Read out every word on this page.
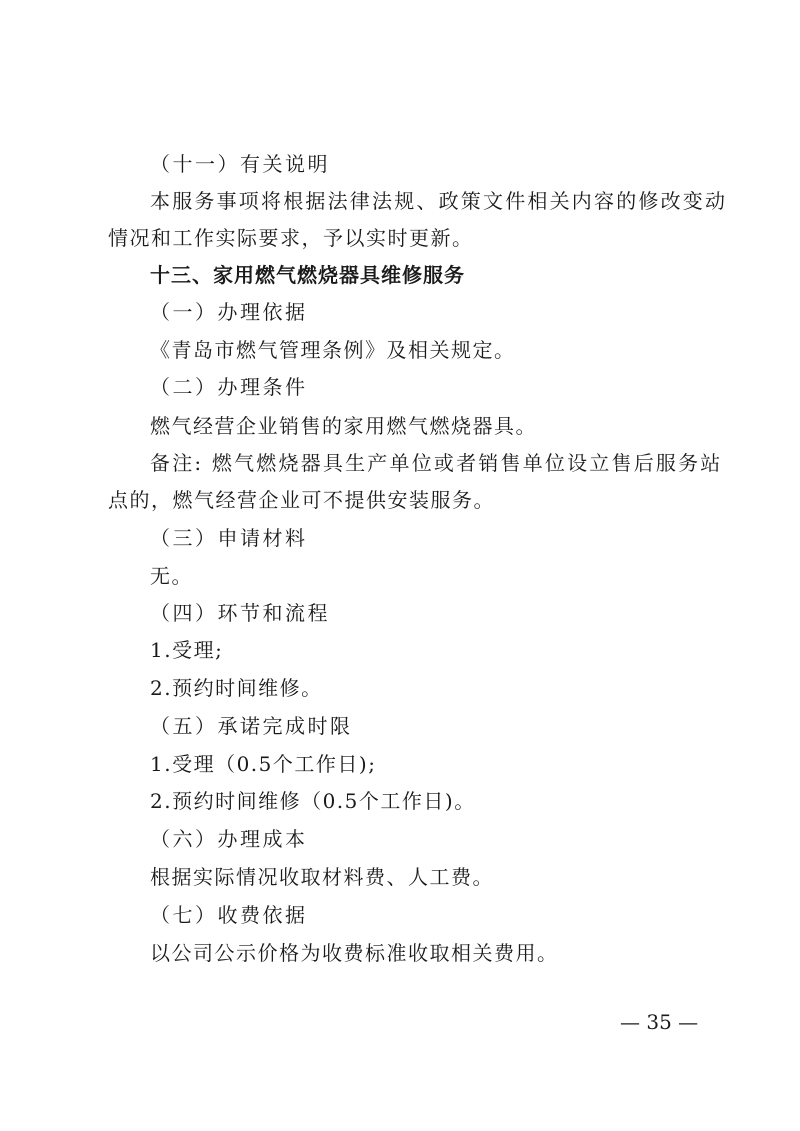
（十一）有关说明
本服务事项将根据法律法规、政策文件相关内容的修改变动
情况和工作实际要求，予以实时更新。
十三、家用燃气燃烧器具维修服务
（一）办理依据
《青岛市燃气管理条例》及相关规定。
（二）办理条件
燃气经营企业销售的家用燃气燃烧器具。
备注: 燃气燃烧器具生产单位或者销售单位设立售后服务站
点的，燃气经营企业可不提供安装服务。
（三）申请材料
无。
（四）环节和流程
1.受理;
2.预约时间维修。
（五）承诺完成时限
1.受理（0.5个工作日);
2.预约时间维修（0.5个工作日)。
（六）办理成本
根据实际情况收取材料费、人工费。
（七）收费依据
以公司公示价格为收费标准收取相关费用。
— 35 —
